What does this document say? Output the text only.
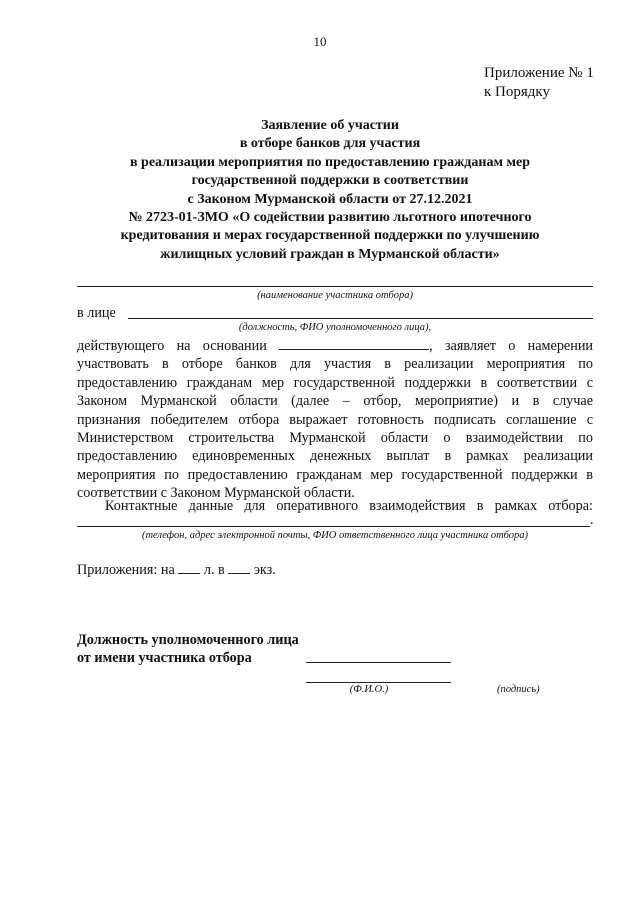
10
Приложение № 1
к Порядку
Заявление об участии
в отборе банков для участия
в реализации мероприятия по предоставлению гражданам мер
государственной поддержки в соответствии
с Законом Мурманской области от 27.12.2021
№ 2723-01-ЗМО «О содействии развитию льготного ипотечного
кредитования и мерах государственной поддержки по улучшению
жилищных условий граждан в Мурманской области»
(наименование участника отбора)
в лице
(должность, ФИО уполномоченного лица),
действующего на основании	, заявляет о намерении
участвовать в отборе банков для участия в реализации мероприятия по
предоставлению гражданам мер государственной поддержки в соответствии с
Законом Мурманской области (далее – отбор, мероприятие) и в случае
признания победителем отбора выражает готовность подписать соглашение с
Министерством строительства Мурманской области о взаимодействии по
предоставлению единовременных денежных выплат в рамках реализации
мероприятия по предоставлению гражданам мер государственной поддержки в
соответствии с Законом Мурманской области.
Контактные данные для оперативного взаимодействия в рамках отбора:
.
(телефон, адрес электронной почты, ФИО ответственного лица участника отбора)
Приложения: на л. в экз.
Должность уполномоченного лица
от имени участника отбора
(Ф.И.О.)	(подпись)
